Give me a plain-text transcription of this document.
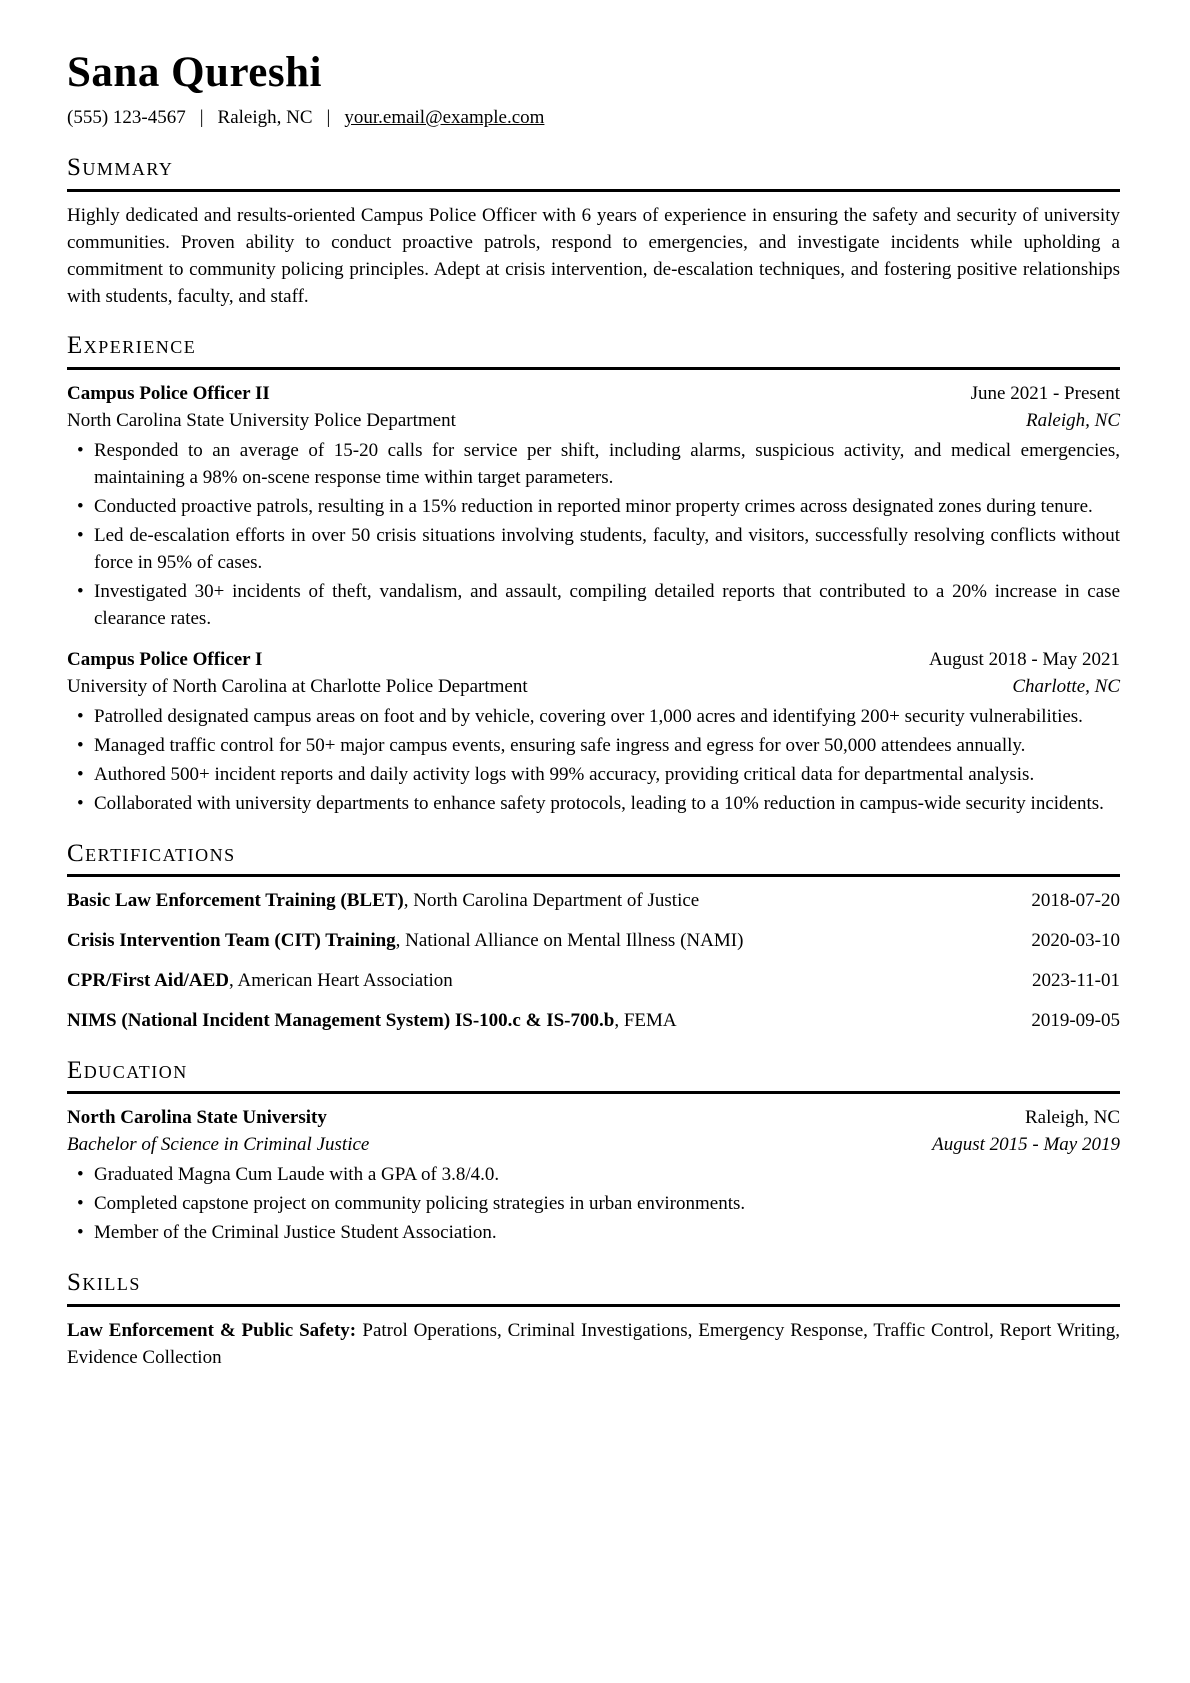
Sana Qureshi
(555) 123-4567 | Raleigh, NC | your.email@example.com
Summary

Highly dedicated and results-oriented Campus Police Officer with 6 years of experience in ensuring the safety and security of university communities. Proven ability to conduct proactive patrols, respond to emergencies, and investigate incidents while upholding a commitment to community policing principles. Adept at crisis intervention, de-escalation techniques, and fostering positive relationships with students, faculty, and staff.

Experience
Campus Police Officer II	June 2021 - Present
North Carolina State University Police Department	Raleigh, NC
• Responded to an average of 15-20 calls for service per shift, including alarms, suspicious activity, and medical emergencies, maintaining a 98% on-scene response time within target parameters.
• Conducted proactive patrols, resulting in a 15% reduction in reported minor property crimes across designated zones during tenure.
• Led de-escalation efforts in over 50 crisis situations involving students, faculty, and visitors, successfully resolving conflicts without force in 95% of cases.
• Investigated 30+ incidents of theft, vandalism, and assault, compiling detailed reports that contributed to a 20% increase in case clearance rates.
Campus Police Officer I	August 2018 - May 2021
University of North Carolina at Charlotte Police Department	Charlotte, NC
• Patrolled designated campus areas on foot and by vehicle, covering over 1,000 acres and identifying 200+ security vulnerabilities.
• Managed traffic control for 50+ major campus events, ensuring safe ingress and egress for over 50,000 attendees annually.
• Authored 500+ incident reports and daily activity logs with 99% accuracy, providing critical data for departmental analysis.
• Collaborated with university departments to enhance safety protocols, leading to a 10% reduction in campus-wide security incidents.
Certifications
Basic Law Enforcement Training (BLET), North Carolina Department of Justice	2018-07-20
Crisis Intervention Team (CIT) Training, National Alliance on Mental Illness (NAMI)	2020-03-10
CPR/First Aid/AED, American Heart Association	2023-11-01
NIMS (National Incident Management System) IS-100.c & IS-700.b, FEMA	2019-09-05
Education
North Carolina State University	Raleigh, NC
Bachelor of Science in Criminal Justice	August 2015 - May 2019
• Graduated Magna Cum Laude with a GPA of 3.8/4.0.
• Completed capstone project on community policing strategies in urban environments.
• Member of the Criminal Justice Student Association.
Skills

Law Enforcement & Public Safety: Patrol Operations, Criminal Investigations, Emergency Response, Traffic Control, Report Writing, Evidence Collection
